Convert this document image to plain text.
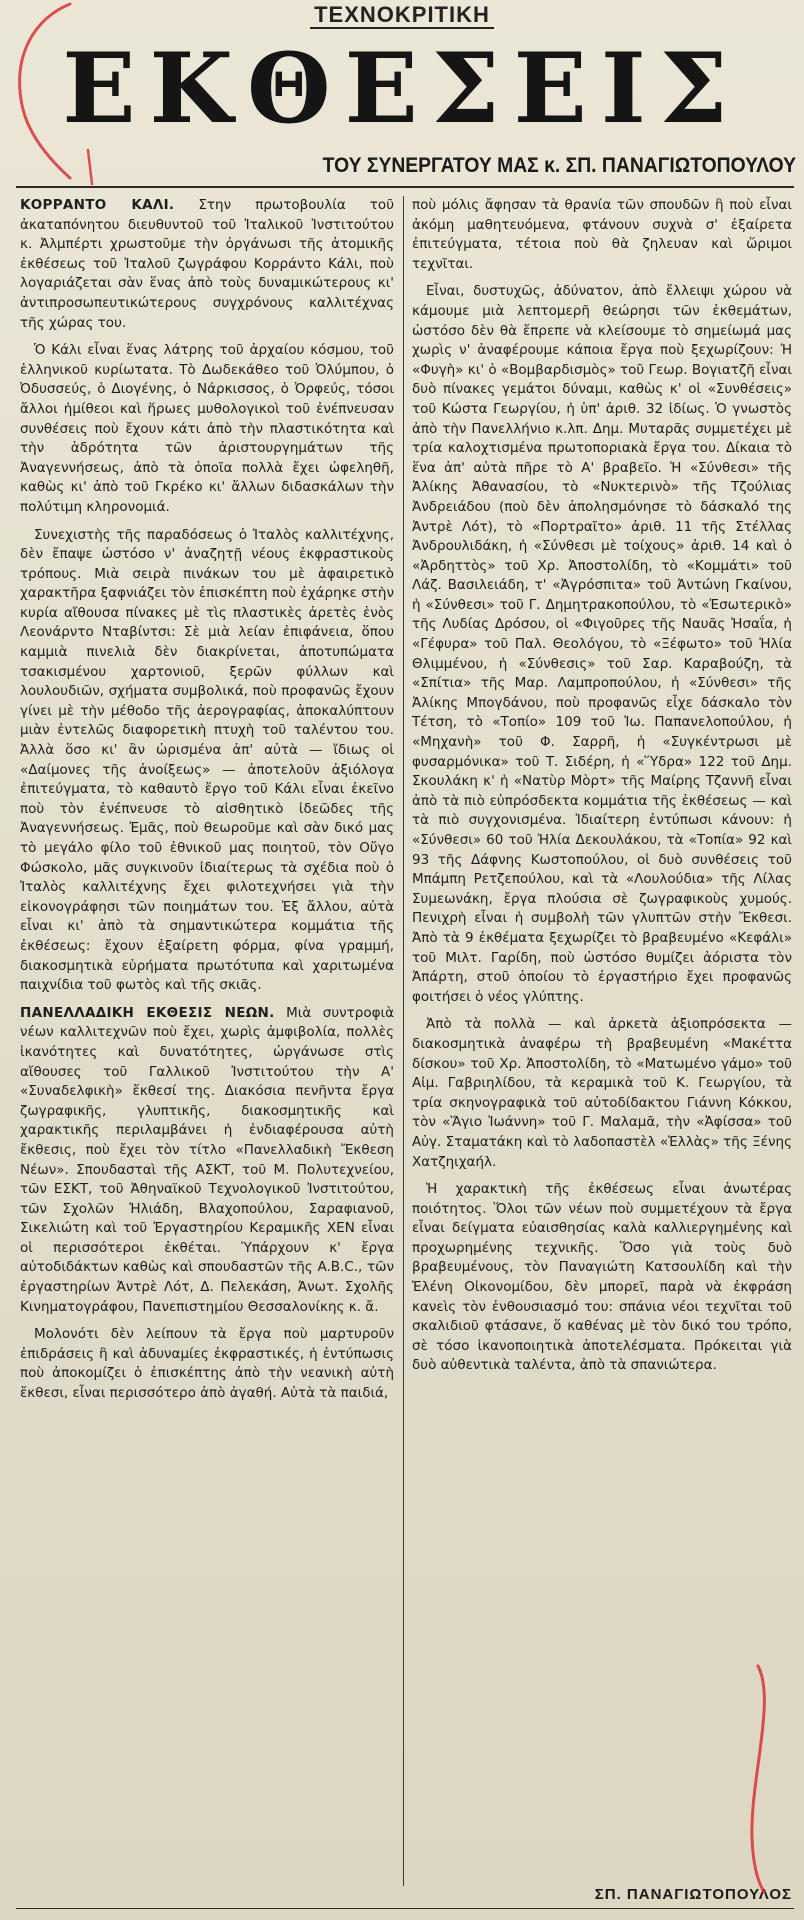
ΤΕΧΝΟΚΡΙΤΙΚΗ
ΕΚΘΕΣΕΙΣ
ΤΟΥ ΣΥΝΕΡΓΑΤΟΥ ΜΑΣ κ. ΣΠ. ΠΑΝΑΓΙΩΤΟΠΟΥΛΟΥ

ΚΟΡΡΑΝΤΟ ΚΑΛΙ. Στην πρωτοβουλία τοῦ ἀκαταπόνητου διευθυντοῦ τοῦ Ἰταλικοῦ Ἰνστιτούτου κ. Ἀλμπέρτι χρωστοῦμε τὴν ὀργάνωσι τῆς ἀτομικῆς ἐκθέσεως τοῦ Ἰταλοῦ ζωγράφου Κορράντο Κάλι, ποὺ λογαριάζεται σὰν ἕνας ἀπὸ τοὺς δυναμικώτερους κι' ἀντιπροσωπευτικώτερους συγχρόνους καλλιτέχνας τῆς χώρας του.

Ὁ Κάλι εἶναι ἕνας λάτρης τοῦ ἀρχαίου κόσμου, τοῦ ἑλληνικοῦ κυρίωτατα. Τὸ Δωδεκάθεο τοῦ Ὀλύμπου, ὁ Ὀδυσσεύς, ὁ Διογένης, ὁ Νάρκισσος, ὁ Ὀρφεύς, τόσοι ἄλλοι ἡμίθεοι καὶ ἥρωες μυθολογικοὶ τοῦ ἐνέπνευσαν συνθέσεις ποὺ ἔχουν κάτι ἀπὸ τὴν πλαστικότητα καὶ τὴν ἁδρότητα τῶν ἀριστουργημάτων τῆς Ἀναγεννήσεως, ἀπὸ τὰ ὁποῖα πολλὰ ἔχει ὠφεληθῆ, καθὼς κι' ἀπὸ τοῦ Γκρέκο κι' ἄλλων διδασκάλων τὴν πολύτιμη κληρονομιά.

Συνεχιστὴς τῆς παραδόσεως ὁ Ἰταλὸς καλλιτέχνης, δὲν ἔπαψε ὡστόσο ν' ἀναζητῇ νέους ἐκφραστικοὺς τρόπους. Μιὰ σειρὰ πινάκων του μὲ ἀφαιρετικὸ χαρακτῆρα ξαφνιάζει τὸν ἐπισκέπτη ποὺ ἐχάρηκε στὴν κυρία αἴθουσα πίνακες μὲ τὶς πλαστικὲς ἀρετὲς ἑνὸς Λεονάρντο Νταβίντσι: Σὲ μιὰ λείαν ἐπιφάνεια, ὅπου καμμιὰ πινελιὰ δὲν διακρίνεται, ἀποτυπώματα τσακισμένου χαρτονιοῦ, ξερῶν φύλλων καὶ λουλουδιῶν, σχήματα συμβολικά, ποὺ προφανῶς ἔχουν γίνει μὲ τὴν μέθοδο τῆς ἀερογραφίας, ἀποκαλύπτουν μιὰν ἐντελῶς διαφορετικὴ πτυχὴ τοῦ ταλέντου του. Ἀλλὰ ὅσο κι' ἂν ὡρισμένα ἀπ' αὐτὰ — ἴδιως οἱ «Δαίμονες τῆς ἀνοίξεως» — ἀποτελοῦν ἀξιόλογα ἐπιτεύγματα, τὸ καθαυτὸ ἔργο τοῦ Κάλι εἶναι ἐκεῖνο ποὺ τὸν ἐνέπνευσε τὸ αἰσθητικὸ ἰδεῶδες τῆς Ἀναγεννήσεως. Ἐμᾶς, ποὺ θεωροῦμε καὶ σὰν δικό μας τὸ μεγάλο φίλο τοῦ ἐθνικοῦ μας ποιητοῦ, τὸν Οὔγο Φώσκολο, μᾶς συγκινοῦν ἰδιαίτερως τὰ σχέδια ποὺ ὁ Ἰταλὸς καλλιτέχνης ἔχει φιλοτεχνήσει γιὰ τὴν εἰκονογράφησι τῶν ποιημάτων του. Ἐξ ἄλλου, αὐτὰ εἶναι κι' ἀπὸ τὰ σημαντικώτερα κομμάτια τῆς ἐκθέσεως: ἔχουν ἐξαίρετη φόρμα, φίνα γραμμή, διακοσμητικὰ εὑρήματα πρωτότυπα καὶ χαριτωμένα παιχνίδια τοῦ φωτὸς καὶ τῆς σκιᾶς.

ΠΑΝΕΛΛΑΔΙΚΗ ΕΚΘΕΣΙΣ ΝΕΩΝ. Μιὰ συντροφιὰ νέων καλλιτεχνῶν ποὺ ἔχει, χωρὶς ἀμφιβολία, πολλὲς ἱκανότητες καὶ δυνατότητες, ὠργάνωσε στὶς αἴθουσες τοῦ Γαλλικοῦ Ἰνστιτούτου τὴν Α' «Συναδελφικὴ» ἔκθεσί της. Διακόσια πενῆντα ἔργα ζωγραφικῆς, γλυπτικῆς, διακοσμητικῆς καὶ χαρακτικῆς περιλαμβάνει ἡ ἐνδιαφέρουσα αὐτὴ ἔκθεσις, ποὺ ἔχει τὸν τίτλο «Πανελλαδικὴ Ἔκθεση Νέων». Σπουδασταὶ τῆς ΑΣΚΤ, τοῦ Μ. Πολυτεχνείου, τῶν ΕΣΚΤ, τοῦ Ἀθηναϊκοῦ Τεχνολογικοῦ Ἰνστιτούτου, τῶν Σχολῶν Ἠλιάδη, Βλαχοπούλου, Σαραφιανοῦ, Σικελιώτη καὶ τοῦ Ἐργαστηρίου Κεραμικῆς ΧΕΝ εἶναι οἱ περισσότεροι ἐκθέται. Ὑπάρχουν κ' ἔργα αὐτοδιδάκτων καθὼς καὶ σπουδαστῶν τῆς A.B.C., τῶν ἐργαστηρίων Ἀντρὲ Λότ, Δ. Πελεκάση, Ἀνωτ. Σχολῆς Κινηματογράφου, Πανεπιστημίου Θεσσαλονίκης κ. ἄ.

Μολονότι δὲν λείπουν τὰ ἔργα ποὺ μαρτυροῦν ἐπιδράσεις ἢ καὶ ἀδυναμίες ἐκφραστικές, ἡ ἐντύπωσις ποὺ ἀποκομίζει ὁ ἐπισκέπτης ἀπὸ τὴν νεανικὴ αὐτὴ ἔκθεσι, εἶναι περισσότερο ἀπὸ ἀγαθή. Αὐτὰ τὰ παιδιά,

ποὺ μόλις ἄφησαν τὰ θρανία τῶν σπουδῶν ἢ ποὺ εἶναι ἀκόμη μαθητευόμενα, φτάνουν συχνὰ σ' ἐξαίρετα ἐπιτεύγματα, τέτοια ποὺ θὰ ζηλευαν καὶ ὥριμοι τεχνῖται.

Εἶναι, δυστυχῶς, ἀδύνατον, ἀπὸ ἔλλειψι χώρου νὰ κάμουμε μιὰ λεπτομερῆ θεώρησι τῶν ἐκθεμάτων, ὡστόσο δὲν θὰ ἔπρεπε νὰ κλείσουμε τὸ σημείωμά μας χωρὶς ν' ἀναφέρουμε κάποια ἔργα ποὺ ξεχωρίζουν: Ἡ «Φυγὴ» κι' ὁ «Βομβαρδισμὸς» τοῦ Γεωρ. Βογιατζῆ εἶναι δυὸ πίνακες γεμάτοι δύναμι, καθὼς κ' οἱ «Συνθέσεις» τοῦ Κώστα Γεωργίου, ἡ ὑπ' ἀριθ. 32 ἰδίως. Ὁ γνωστὸς ἀπὸ τὴν Πανελλήνιο κ.λπ. Δημ. Μυταρᾶς συμμετέχει μὲ τρία καλοχτισμένα πρωτοποριακὰ ἔργα του. Δίκαια τὸ ἕνα ἀπ' αὐτὰ πῆρε τὸ Α' βραβεῖο. Ἡ «Σύνθεσι» τῆς Ἀλίκης Ἀθανασίου, τὸ «Νυκτερινὸ» τῆς Τζούλιας Ἀνδρειάδου (ποὺ δὲν ἀπολησμόνησε τὸ δάσκαλό της Ἀντρὲ Λότ), τὸ «Πορτραῖτο» ἀριθ. 11 τῆς Στέλλας Ἀνδρουλιδάκη, ἡ «Σύνθεσι μὲ τοίχους» ἀριθ. 14 καὶ ὁ «Ἀρδηττὸς» τοῦ Χρ. Ἀποστολίδη, τὸ «Κομμάτι» τοῦ Λάζ. Βασιλειάδη, τ' «Ἀγρόσπιτα» τοῦ Ἀντώνη Γκαίνου, ἡ «Σύνθεσι» τοῦ Γ. Δημητρακοπούλου, τὸ «Ἐσωτερικὸ» τῆς Λυδίας Δρόσου, οἱ «Φιγοῦρες τῆς Ναυᾶς Ἠσαΐα, ἡ «Γέφυρα» τοῦ Παλ. Θεολόγου, τὸ «Ξέφωτο» τοῦ Ἠλία Θλιμμένου, ἡ «Σύνθεσις» τοῦ Σαρ. Καραβούζη, τὰ «Σπίτια» τῆς Μαρ. Λαμπροπούλου, ἡ «Σύνθεσι» τῆς Ἀλίκης Μπογδάνου, ποὺ προφανῶς εἶχε δάσκαλο τὸν Τέτση, τὸ «Τοπίο» 109 τοῦ Ἰω. Παπανελοπούλου, ἡ «Μηχανὴ» τοῦ Φ. Σαρρῆ, ἡ «Συγκέντρωσι μὲ φυσαρμόνικα» τοῦ Τ. Σιδέρη, ἡ «Ὕδρα» 122 τοῦ Δημ. Σκουλάκη κ' ἡ «Νατὺρ Μὸρτ» τῆς Μαίρης Τζαννῆ εἶναι ἀπὸ τὰ πιὸ εὐπρόσδεκτα κομμάτια τῆς ἐκθέσεως — καὶ τὰ πιὸ συγχονισμένα. Ἰδιαίτερη ἐντύπωσι κάνουν: ἡ «Σύνθεσι» 60 τοῦ Ἠλία Δεκουλάκου, τὰ «Τοπία» 92 καὶ 93 τῆς Δάφνης Κωστοπούλου, οἱ δυὸ συνθέσεις τοῦ Μπάμπη Ρετζεπούλου, καὶ τὰ «Λουλούδια» τῆς Λίλας Συμεωνάκη, ἔργα πλούσια σὲ ζωγραφικοὺς χυμούς. Πενιχρὴ εἶναι ἡ συμβολὴ τῶν γλυπτῶν στὴν Ἔκθεσι. Ἀπὸ τὰ 9 ἐκθέματα ξεχωρίζει τὸ βραβευμένο «Κεφάλι» τοῦ Μιλτ. Γαρίδη, ποὺ ὡστόσο θυμίζει ἀόριστα τὸν Ἀπάρτη, στοῦ ὁποίου τὸ ἐργαστήριο ἔχει προφανῶς φοιτήσει ὁ νέος γλύπτης.

Ἀπὸ τὰ πολλὰ — καὶ ἀρκετὰ ἀξιοπρόσεκτα — διακοσμητικὰ ἀναφέρω τὴ βραβευμένη «Μακέττα δίσκου» τοῦ Χρ. Ἀποστολίδη, τὸ «Ματωμένο γάμο» τοῦ Αἰμ. Γαβριηλίδου, τὰ κεραμικὰ τοῦ Κ. Γεωργίου, τὰ τρία σκηνογραφικὰ τοῦ αὐτοδίδακτου Γιάννη Κόκκου, τὸν «Ἅγιο Ἰωάννη» τοῦ Γ. Μαλαμᾶ, τὴν «Ἀφίσσα» τοῦ Αὐγ. Σταματάκη καὶ τὸ λαδοπαστὲλ «Ἑλλὰς» τῆς Ξένης Χατζηιχαήλ.

Ἡ χαρακτικὴ τῆς ἐκθέσεως εἶναι ἀνωτέρας ποιότητος. Ὅλοι τῶν νέων ποὺ συμμετέχουν τὰ ἔργα εἶναι δείγματα εὐαισθησίας καλὰ καλλιεργημένης καὶ προχωρημένης τεχνικῆς. Ὅσο γιὰ τοὺς δυὸ βραβευμένους, τὸν Παναγιώτη Κατσουλίδη καὶ τὴν Ἑλένη Οἰκονομίδου, δὲν μπορεῖ, παρὰ νὰ ἐκφράση κανεὶς τὸν ἐνθουσιασμό του: σπάνια νέοι τεχνῖται τοῦ σκαλιδιοῦ φτάσανε, ὅ καθένας μὲ τὸν δικό του τρόπο, σὲ τόσο ἱκανοποιητικὰ ἀποτελέσματα. Πρόκειται γιὰ δυὸ αὐθεντικὰ ταλέντα, ἀπὸ τὰ σπανιώτερα.

ΣΠ. ΠΑΝΑΓΙΩΤΟΠΟΥΛΟΣ
